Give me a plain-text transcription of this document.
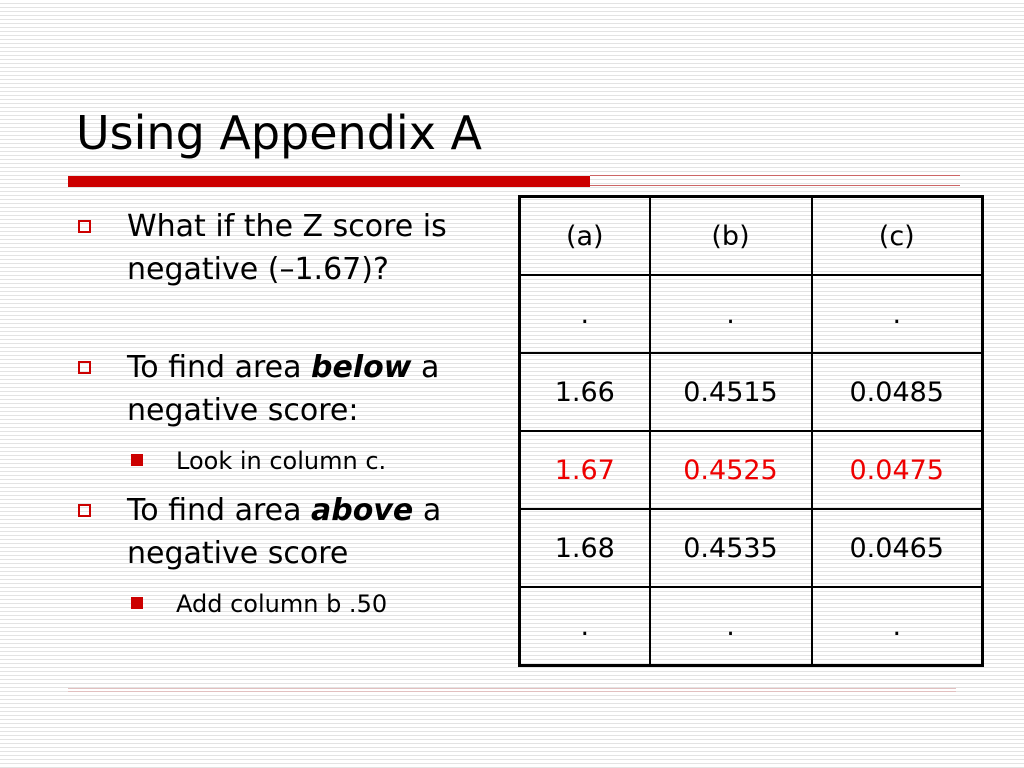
Using Appendix A
What if the Z score is negative (–1.67)?
To find area below a negative score:
Look in column c.
To find area above a negative score
Add column b .50
(a)	(b)	(c)
.	.	.
1.66	0.4515	0.0485
1.67	0.4525	0.0475
1.68	0.4535	0.0465
.	.	.
